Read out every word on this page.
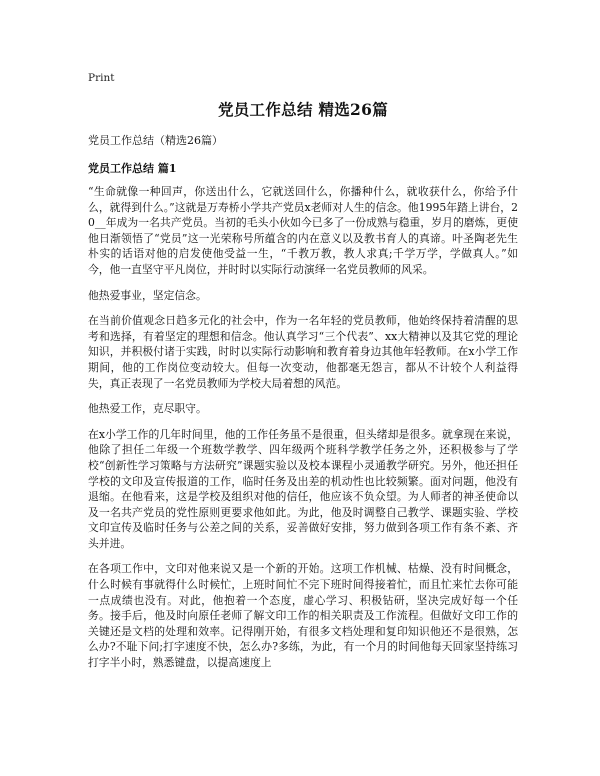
Print
党员工作总结 精选26篇

党员工作总结（精选26篇）

党员工作总结 篇1

“生命就像一种回声，你送出什么，它就送回什么，你播种什么，就收获什么，你给予什么，就得到什么。”这就是万寿桥小学共产党员x老师对人生的信念。他1995年踏上讲台，20__年成为一名共产党员。当初的毛头小伙如今已多了一份成熟与稳重，岁月的磨炼，更使他日渐领悟了“党员”这一光荣称号所蕴含的内在意义以及教书育人的真谛。叶圣陶老先生朴实的话语对他的启发使他受益一生，“千教万教，教人求真;千学万学，学做真人。”如今，他一直坚守平凡岗位，并时时以实际行动演绎一名党员教师的风采。

他热爱事业，坚定信念。

在当前价值观念日趋多元化的社会中，作为一名年轻的党员教师，他始终保持着清醒的思考和选择，有着坚定的理想和信念。他认真学习“三个代表”、xx大精神以及其它党的理论知识，并积极付诸于实践，时时以实际行动影响和教育着身边其他年轻教师。在x小学工作期间，他的工作岗位变动较大。但每一次变动，他都毫无怨言，都从不计较个人利益得失，真正表现了一名党员教师为学校大局着想的风范。

他热爱工作，克尽职守。

在x小学工作的几年时间里，他的工作任务虽不是很重，但头绪却是很多。就拿现在来说，他除了担任二年级一个班数学教学、四年级两个班科学教学任务之外，还积极参与了学校“创新性学习策略与方法研究”课题实验以及校本课程小灵通教学研究。另外，他还担任学校的文印及宣传报道的工作，临时任务及出差的机动性也比较频繁。面对问题，他没有退缩。在他看来，这是学校及组织对他的信任，他应该不负众望。为人师者的神圣使命以及一名共产党员的党性原则更要求他如此。为此，他及时调整自己教学、课题实验、学校文印宣传及临时任务与公差之间的关系，妥善做好安排，努力做到各项工作有条不紊、齐头并进。

在各项工作中，文印对他来说又是一个新的开始。这项工作机械、枯燥、没有时间概念，什么时候有事就得什么时候忙，上班时间忙不完下班时间得接着忙，而且忙来忙去你可能一点成绩也没有。对此，他抱着一个态度，虚心学习、积极钻研，坚决完成好每一个任务。接手后，他及时向原任老师了解文印工作的相关职责及工作流程。但做好文印工作的关键还是文档的处理和效率。记得刚开始，有很多文档处理和复印知识他还不是很熟，怎么办?不耻下问;打字速度不快，怎么办?多练，为此，有一个月的时间他每天回家坚持练习打字半小时，熟悉键盘，以提高速度上
